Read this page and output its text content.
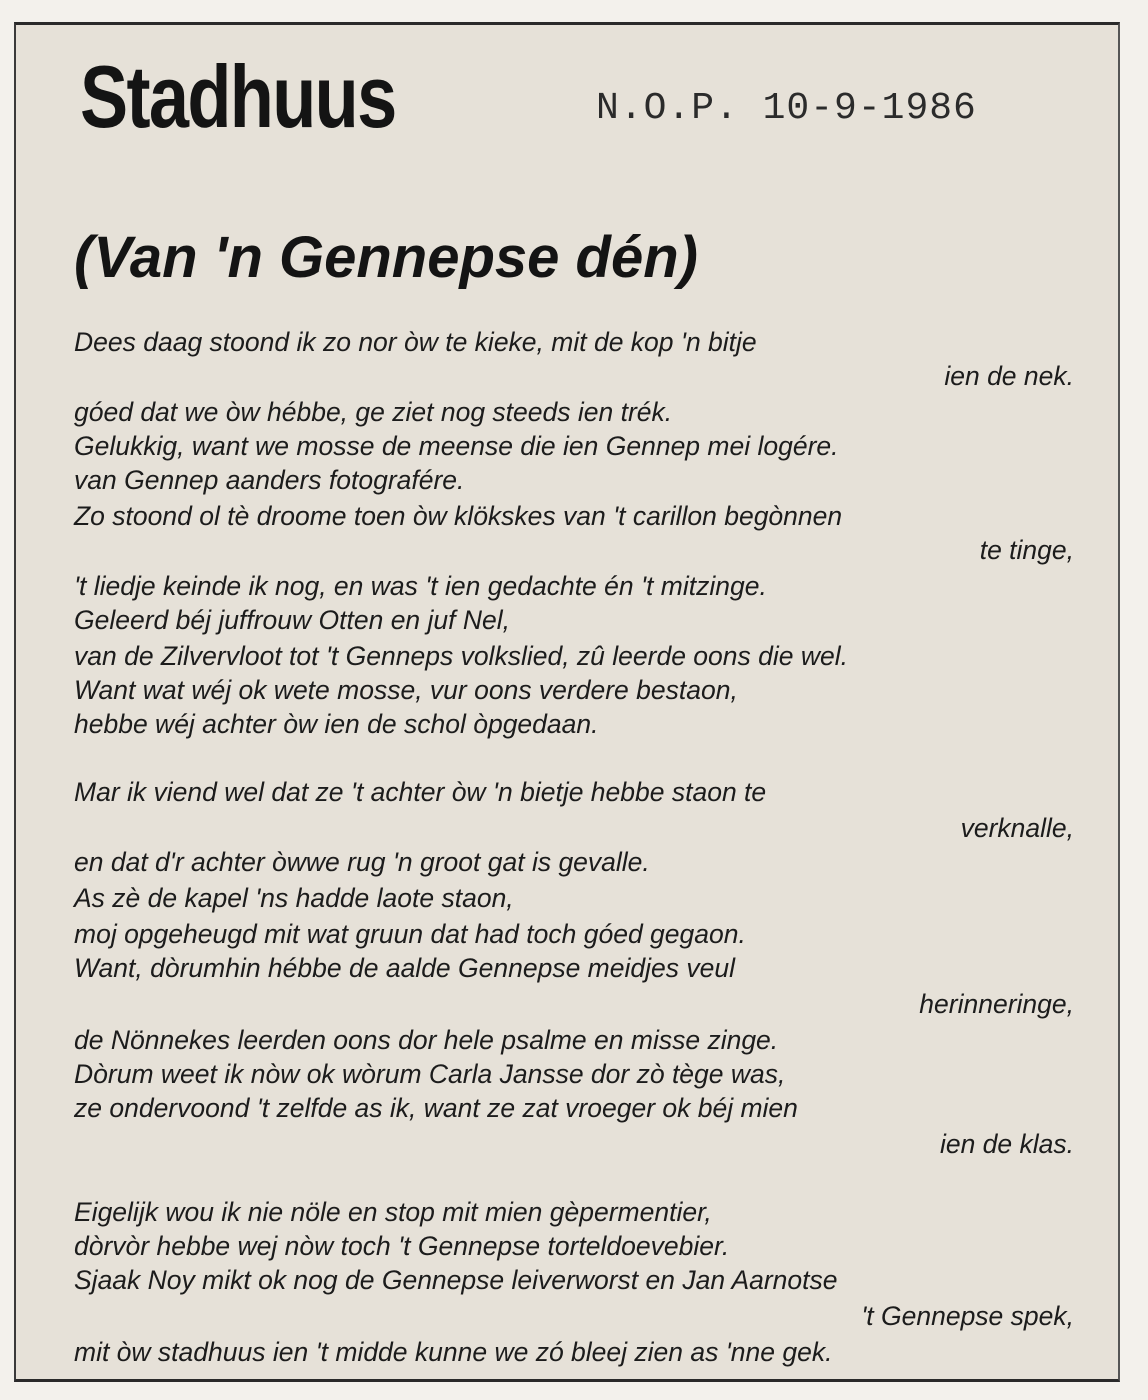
Stadhuus	N.O.P. 10-9-1986
(Van 'n Gennepse dén)
Dees daag stoond ik zo nor òw te kieke, mit de kop 'n bitje
ien de nek.
góed dat we òw hébbe, ge ziet nog steeds ien trék.
Gelukkig, want we mosse de meense die ien Gennep mei logére.
van Gennep aanders fotografére.
Zo stoond ol tè droome toen òw klökskes van 't carillon begònnen
te tinge,
't liedje keinde ik nog, en was 't ien gedachte én 't mitzinge.
Geleerd béj juffrouw Otten en juf Nel,
van de Zilvervloot tot 't Genneps volkslied, zû leerde oons die wel.
Want wat wéj ok wete mosse, vur oons verdere bestaon,
hebbe wéj achter òw ien de schol òpgedaan.
Mar ik viend wel dat ze 't achter òw 'n bietje hebbe staon te
verknalle,
en dat d'r achter òwwe rug 'n groot gat is gevalle.
As zè de kapel 'ns hadde laote staon,
moj opgeheugd mit wat gruun dat had toch góed gegaon.
Want, dòrumhin hébbe de aalde Gennepse meidjes veul
herinneringe,
de Nönnekes leerden oons dor hele psalme en misse zinge.
Dòrum weet ik nòw ok wòrum Carla Jansse dor zò tège was,
ze ondervoond 't zelfde as ik, want ze zat vroeger ok béj mien
ien de klas.
Eigelijk wou ik nie nöle en stop mit mien gèpermentier,
dòrvòr hebbe wej nòw toch 't Gennepse torteldoevebier.
Sjaak Noy mikt ok nog de Gennepse leiverworst en Jan Aarnotse
't Gennepse spek,
mit òw stadhuus ien 't midde kunne we zó bleej zien as 'nne gek.
